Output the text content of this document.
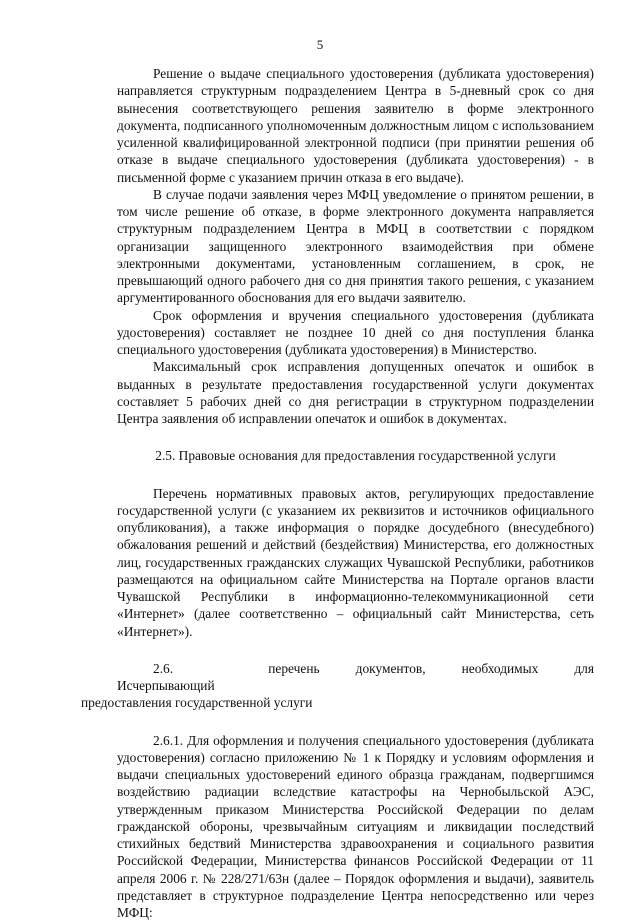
5

Решение о выдаче специального удостоверения (дубликата удостоверения) направляется структурным подразделением Центра в 5-дневный срок со дня вынесения соответствующего решения заявителю в форме электронного документа, подписанного уполномоченным должностным лицом с использованием усиленной квалифицированной электронной подписи (при принятии решения об отказе в выдаче специального удостоверения (дубликата удостоверения) - в письменной форме с указанием причин отказа в его выдаче).

В случае подачи заявления через МФЦ уведомление о принятом решении, в том числе решение об отказе, в форме электронного документа направляется структурным подразделением Центра в МФЦ в соответствии с порядком организации защищенного электронного взаимодействия при обмене электронными документами, установленным соглашением, в срок, не превышающий одного рабочего дня со дня принятия такого решения, с указанием аргументированного обоснования для его выдачи заявителю.

Срок оформления и вручения специального удостоверения (дубликата удостоверения) составляет не позднее 10 дней со дня поступления бланка специального удостоверения (дубликата удостоверения) в Министерство.

Максимальный срок исправления допущенных опечаток и ошибок в выданных в результате предоставления государственной услуги документах составляет 5 рабочих дней со дня регистрации в структурном подразделении Центра заявления об исправлении опечаток и ошибок в документах.

2.5. Правовые основания для предоставления государственной услуги

Перечень нормативных правовых актов, регулирующих предоставление государственной услуги (с указанием их реквизитов и источников официального опубликования), а также информация о порядке досудебного (внесудебного) обжалования решений и действий (бездействия) Министерства, его должностных лиц, государственных гражданских служащих Чувашской Республики, работников размещаются на официальном сайте Министерства на Портале органов власти Чувашской Республики в информационно-телекоммуникационной сети «Интернет» (далее соответственно – официальный сайт Министерства, сеть «Интернет»).

2.6. Исчерпывающий
перечень	документов,	необходимых	для
предоставления государственной услуги

2.6.1. Для оформления и получения специального удостоверения (дубликата удостоверения) согласно приложению № 1 к Порядку и условиям оформления и выдачи специальных удостоверений единого образца гражданам, подвергшимся воздействию радиации вследствие катастрофы на Чернобыльской АЭС, утвержденным приказом Министерства Российской Федерации по делам гражданской обороны, чрезвычайным ситуациям и ликвидации последствий стихийных бедствий Министерства здравоохранения и социального развития Российской Федерации, Министерства финансов Российской Федерации от 11 апреля 2006 г. № 228/271/63н (далее – Порядок оформления и выдачи), заявитель представляет в структурное подразделение Центра непосредственно или через МФЦ:
